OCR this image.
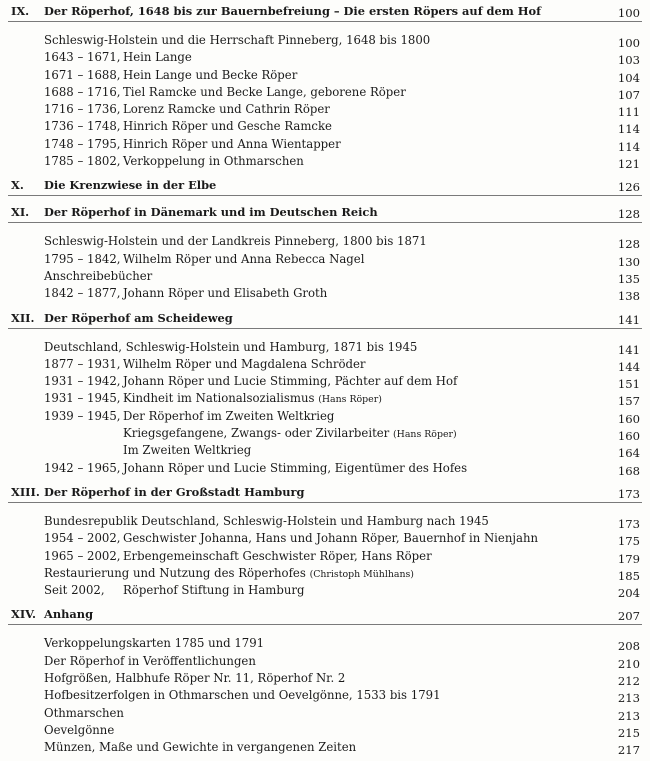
IX. Der Röperhof, 1648 bis zur Bauernbefreiung – Die ersten Röpers auf dem Hof	100
Schleswig-Holstein und die Herrschaft Pinneberg, 1648 bis 1800	100
1643 – 1671, Hein Lange	103
1671 – 1688, Hein Lange und Becke Röper	104
1688 – 1716, Tiel Ramcke und Becke Lange, geborene Röper	107
1716 – 1736, Lorenz Ramcke und Cathrin Röper	111
1736 – 1748, Hinrich Röper und Gesche Ramcke	114
1748 – 1795, Hinrich Röper und Anna Wientapper	114
1785 – 1802, Verkoppelung in Othmarschen	121
X. Die Krenzwiese in der Elbe	126
XI. Der Röperhof in Dänemark und im Deutschen Reich	128
Schleswig-Holstein und der Landkreis Pinneberg, 1800 bis 1871	128
1795 – 1842, Wilhelm Röper und Anna Rebecca Nagel	130
Anschreibebücher	135
1842 – 1877, Johann Röper und Elisabeth Groth	138
XII. Der Röperhof am Scheideweg	141
Deutschland, Schleswig-Holstein und Hamburg, 1871 bis 1945	141
1877 – 1931, Wilhelm Röper und Magdalena Schröder	144
1931 – 1942, Johann Röper und Lucie Stimming, Pächter auf dem Hof	151
1931 – 1945, Kindheit im Nationalsozialismus (Hans Röper)	157
1939 – 1945, Der Röperhof im Zweiten Weltkrieg	160
Kriegsgefangene, Zwangs- oder Zivilarbeiter (Hans Röper)	160
Im Zweiten Weltkrieg	164
1942 – 1965, Johann Röper und Lucie Stimming, Eigentümer des Hofes	168
XIII. Der Röperhof in der Großstadt Hamburg	173
Bundesrepublik Deutschland, Schleswig-Holstein und Hamburg nach 1945	173
1954 – 2002, Geschwister Johanna, Hans und Johann Röper, Bauernhof in Nienjahn	175
1965 – 2002, Erbengemeinschaft Geschwister Röper, Hans Röper	179
Restaurierung und Nutzung des Röperhofes (Christoph Mühlhans)	185
Seit 2002, Röperhof Stiftung in Hamburg	204
XIV. Anhang	207
Verkoppelungskarten 1785 und 1791	208
Der Röperhof in Veröffentlichungen	210
Hofgrößen, Halbhufe Röper Nr. 11, Röperhof Nr. 2	212
Hofbesitzerfolgen in Othmarschen und Oevelgönne, 1533 bis 1791	213
Othmarschen	213
Oevelgönne	215
Münzen, Maße und Gewichte in vergangenen Zeiten	217
